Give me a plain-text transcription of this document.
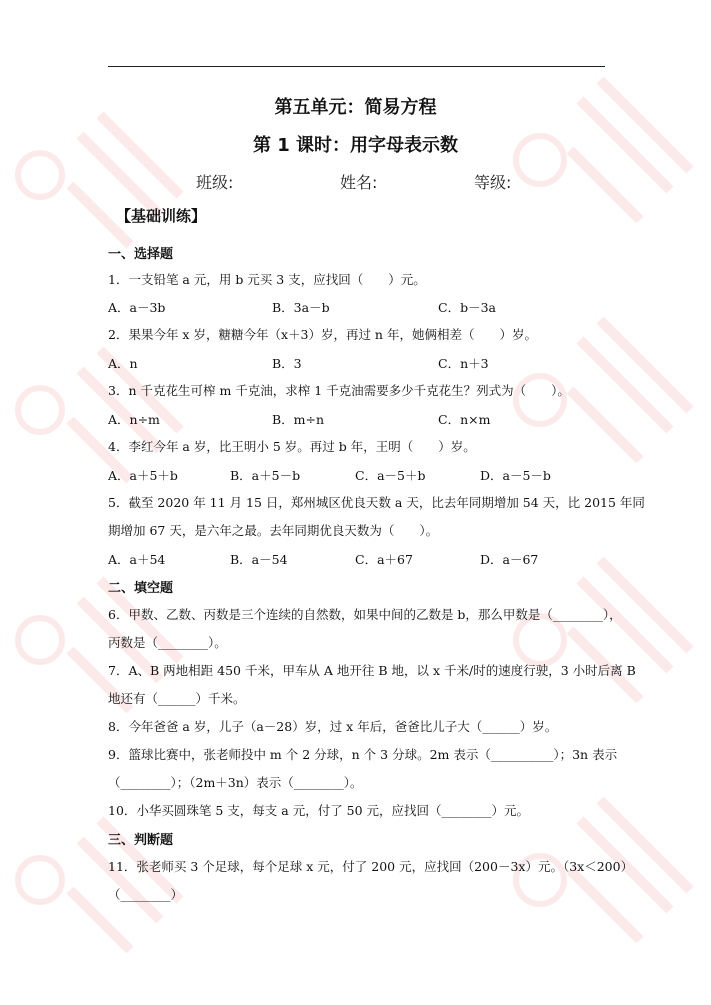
第五单元：简易方程
第 1 课时：用字母表示数
班级:	姓名:	等级:
【基础训练】
一、选择题
1．一支铅笔 a 元，用 b 元买 3 支，应找回（　　）元。
A．a－3b	B．3a－b	C．b－3a
2．果果今年 x 岁，糖糖今年（x＋3）岁，再过 n 年，她俩相差（　　）岁。
A．n	B．3	C．n＋3
3．n 千克花生可榨 m 千克油，求榨 1 千克油需要多少千克花生？列式为（　　）。
A．n÷m	B．m÷n	C．n×m
4．李红今年 a 岁，比王明小 5 岁。再过 b 年，王明（　　）岁。
A．a＋5＋b	B．a＋5－b	C．a－5＋b	D．a－5－b
5．截至 2020 年 11 月 15 日，郑州城区优良天数 a 天，比去年同期增加 54 天，比 2015 年同
期增加 67 天，是六年之最。去年同期优良天数为（　　）。
A．a＋54	B．a－54	C．a＋67	D．a－67
二、填空题
6．甲数、乙数、丙数是三个连续的自然数，如果中间的乙数是 b，那么甲数是（________），
丙数是（________）。
7．A、B 两地相距 450 千米，甲车从 A 地开往 B 地，以 x 千米/时的速度行驶，3 小时后离 B
地还有（______）千米。
8．今年爸爸 a 岁，儿子（a－28）岁，过 x 年后，爸爸比儿子大（______）岁。
9．篮球比赛中，张老师投中 m 个 2 分球，n 个 3 分球。2m 表示（__________）；3n 表示
（________）；（2m＋3n）表示（________）。
10．小华买圆珠笔 5 支，每支 a 元，付了 50 元，应找回（________）元。
三、判断题
11．张老师买 3 个足球，每个足球 x 元，付了 200 元，应找回（200－3x）元。（3x＜200）
（________）
